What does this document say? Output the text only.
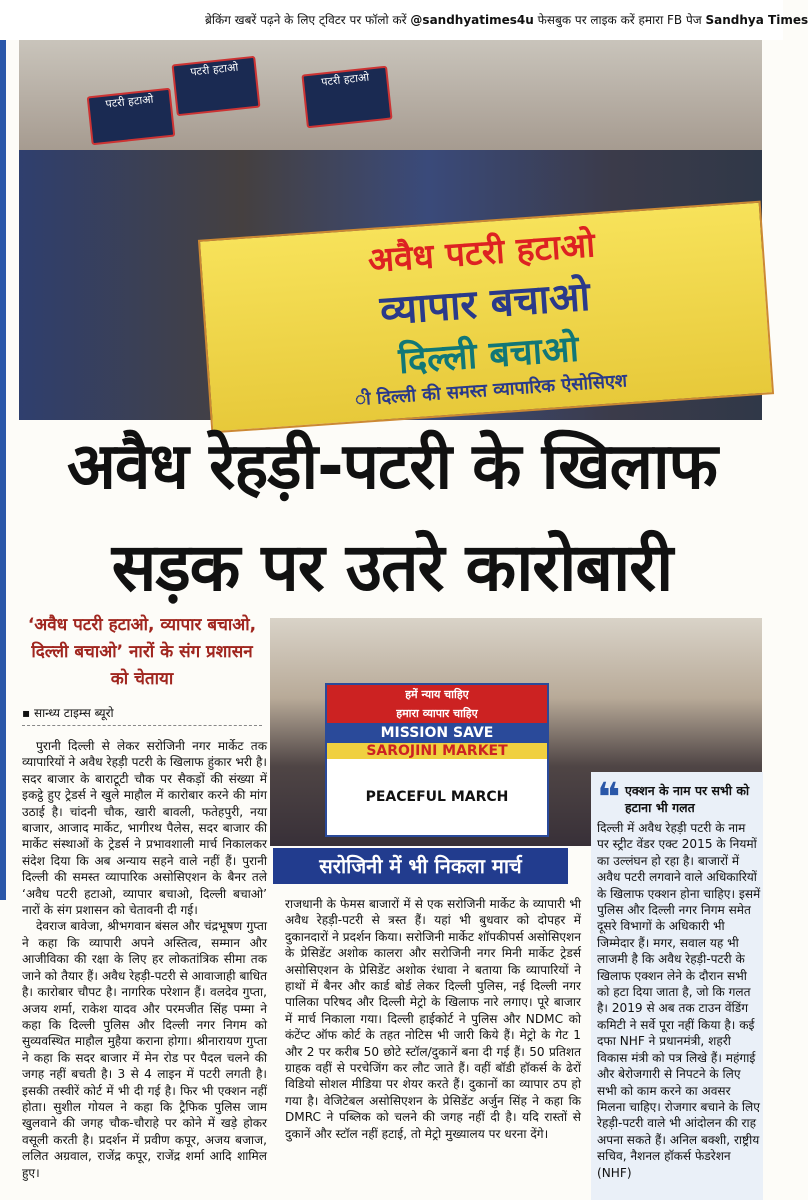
ब्रेकिंग खबरें पढ़ने के लिए ट्विटर पर फॉलो करें @sandhyatimes4u फेसबुक पर लाइक करें हमारा FB पेज Sandhya Times
पटरी हटाओ
पटरी हटाओ
पटरी हटाओ
अवैध पटरी हटाओ
व्यापार बचाओ
दिल्ली बचाओ
ी दिल्ली की समस्त व्यापारिक ऐसोसिएश
अवैध रेहड़ी-पटरी के खिलाफ
सड़क पर उतरे कारोबारी
‘अवैध पटरी हटाओ, व्यापार बचाओ, दिल्ली बचाओ’ नारों के संग प्रशासन को चेताया
▪ सान्ध्य टाइम्स ब्यूरो

पुरानी दिल्ली से लेकर सरोजिनी नगर मार्केट तक व्यापारियों ने अवैध रेहड़ी पटरी के खिलाफ हुंकार भरी है। सदर बाजार के बाराटूटी चौक पर सैकड़ों की संख्या में इकट्ठे हुए ट्रेडर्स ने खुले माहौल में कारोबार करने की मांग उठाई है। चांदनी चौक, खारी बावली, फतेहपुरी, नया बाजार, आजाद मार्केट, भागीरथ पैलेस, सदर बाजार की मार्केट संस्थाओं के ट्रेडर्स ने प्रभावशाली मार्च निकालकर संदेश दिया कि अब अन्याय सहने वाले नहीं हैं। पुरानी दिल्ली की समस्त व्यापारिक असोसिएशन के बैनर तले ‘अवैध पटरी हटाओ, व्यापार बचाओ, दिल्ली बचाओ’ नारों के संग प्रशासन को चेतावनी दी गई।

देवराज बावेजा, श्रीभगवान बंसल और चंद्रभूषण गुप्ता ने कहा कि व्यापारी अपने अस्तित्व, सम्मान और आजीविका की रक्षा के लिए हर लोकतांत्रिक सीमा तक जाने को तैयार हैं। अवैध रेहड़ी-पटरी से आवाजाही बाधित है। कारोबार चौपट है। नागरिक परेशान हैं। वलदेव गुप्ता, अजय शर्मा, राकेश यादव और परमजीत सिंह पम्मा ने कहा कि दिल्ली पुलिस और दिल्ली नगर निगम को सुव्यवस्थित माहौल मुहैया कराना होगा। श्रीनारायण गुप्ता ने कहा कि सदर बाजार में मेन रोड पर पैदल चलने की जगह नहीं बचती है। 3 से 4 लाइन में पटरी लगती है। इसकी तस्वीरें कोर्ट में भी दी गई है। फिर भी एक्शन नहीं होता। सुशील गोयल ने कहा कि ट्रैफिक पुलिस जाम खुलवाने की जगह चौक-चौराहे पर कोने में खड़े होकर वसूली करती है। प्रदर्शन में प्रवीण कपूर, अजय बजाज, ललित अग्रवाल, राजेंद्र कपूर, राजेंद्र शर्मा आदि शामिल हुए।

हमें न्याय चाहिए
हमारा व्यापार चाहिए
MISSION SAVE
SAROJINI MARKET
PEACEFUL MARCH
सरोजिनी में भी निकला मार्च
राजधानी के फेमस बाजारों में से एक सरोजिनी मार्केट के व्यापारी भी अवैध रेहड़ी-पटरी से त्रस्त हैं। यहां भी बुधवार को दोपहर में दुकानदारों ने प्रदर्शन किया। सरोजिनी मार्केट शॉपकीपर्स असोसिएशन के प्रेसिडेंट अशोक कालरा और सरोजिनी नगर मिनी मार्केट ट्रेडर्स असोसिएशन के प्रेसिडेंट अशोक रंधावा ने बताया कि व्यापारियों ने हाथों में बैनर और कार्ड बोर्ड लेकर दिल्ली पुलिस, नई दिल्ली नगर पालिका परिषद और दिल्ली मेट्रो के खिलाफ नारे लगाए। पूरे बाजार में मार्च निकाला गया। दिल्ली हाईकोर्ट ने पुलिस और NDMC को कंटेंप्ट ऑफ कोर्ट के तहत नोटिस भी जारी किये हैं। मेट्रो के गेट 1 और 2 पर करीब 50 छोटे स्टॉल/दुकानें बना दी गई हैं। 50 प्रतिशत ग्राहक वहीं से परचेजिंग कर लौट जाते हैं। वहीं बॉडी हॉकर्स के ढेरों विडियो सोशल मीडिया पर शेयर करते हैं। दुकानों का व्यापार ठप हो गया है। वेजिटेबल असोसिएशन के प्रेसिडेंट अर्जुन सिंह ने कहा कि DMRC ने पब्लिक को चलने की जगह नहीं दी है। यदि रास्तों से दुकानें और स्टॉल नहीं हटाई, तो मेट्रो मुख्यालय पर धरना देंगे।
❝ एक्शन के नाम पर सभी को हटाना भी गलत
दिल्ली में अवैध रेहड़ी पटरी के नाम पर स्ट्रीट वेंडर एक्ट 2015 के नियमों का उल्लंघन हो रहा है। बाजारों में अवैध पटरी लगवाने वाले अधिकारियों के खिलाफ एक्शन होना चाहिए। इसमें पुलिस और दिल्ली नगर निगम समेत दूसरे विभागों के अधिकारी भी जिम्मेदार हैं। मगर, सवाल यह भी लाजमी है कि अवैध रेहड़ी-पटरी के खिलाफ एक्शन लेने के दौरान सभी को हटा दिया जाता है, जो कि गलत है। 2019 से अब तक टाउन वेंडिंग कमिटी ने सर्वे पूरा नहीं किया है। कई दफा NHF ने प्रधानमंत्री, शहरी विकास मंत्री को पत्र लिखे हैं। महंगाई और बेरोजगारी से निपटने के लिए सभी को काम करने का अवसर मिलना चाहिए। रोजगार बचाने के लिए रेहड़ी-पटरी वाले भी आंदोलन की राह अपना सकते हैं। अनिल बक्शी, राष्ट्रीय सचिव, नैशनल हॉकर्स फेडरेशन (NHF)
